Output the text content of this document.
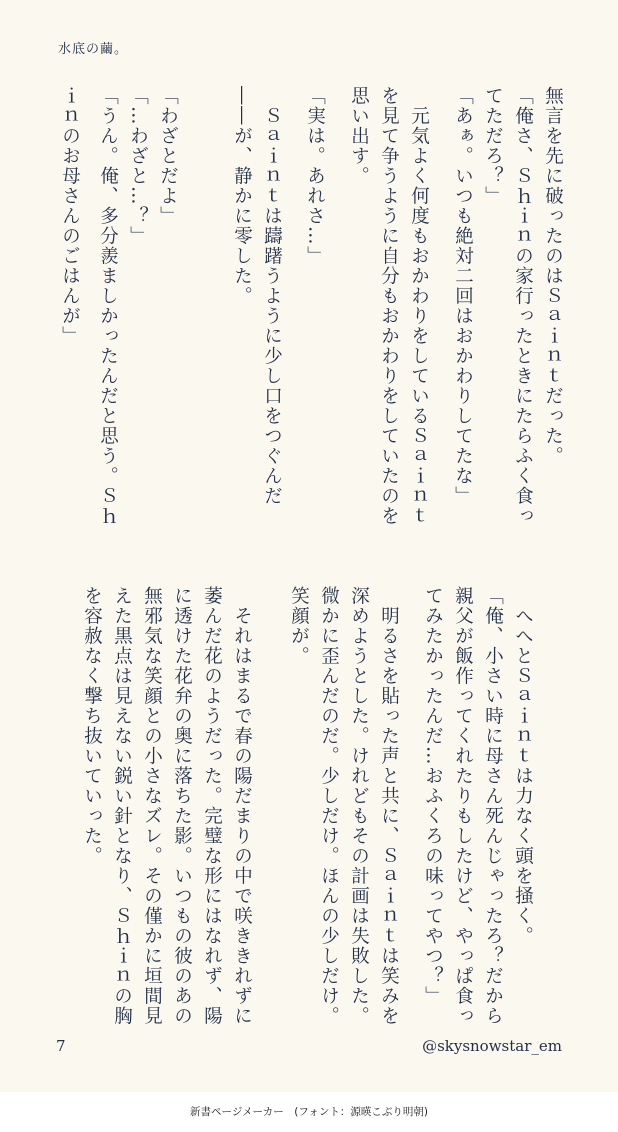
水底の繭。
無言を先に破ったのはＳａｉｎｔだった。
「俺さ、Ｓｈｉｎの家行ったときにたらふく食っ
てただろ？」
「あぁ。いつも絶対二回はおかわりしてたな」
　元気よく何度もおかわりをしているＳａｉｎｔ
を見て争うように自分もおかわりをしていたのを
思い出す。
「実は。あれさ…」
　Ｓａｉｎｔは躊躇うように少し口をつぐんだ
――が、静かに零した。
「わざとだよ」
「…わざと…？」
「うん。俺、多分羨ましかったんだと思う。Ｓｈ
ｉｎのお母さんのごはんが」
　へへとＳａｉｎｔは力なく頭を掻く。
「俺、小さい時に母さん死んじゃったろ？だから
親父が飯作ってくれたりもしたけど、やっぱ食っ
てみたかったんだ…おふくろの味ってやつ？」
　明るさを貼った声と共に、Ｓａｉｎｔは笑みを
深めようとした。けれどもその計画は失敗した。
微かに歪んだのだ。少しだけ。ほんの少しだけ。
笑顔が。
　それはまるで春の陽だまりの中で咲ききれずに
萎んだ花のようだった。完璧な形にはなれず、陽
に透けた花弁の奥に落ちた影。いつもの彼のあの
無邪気な笑顔との小さなズレ。その僅かに垣間見
えた黒点は見えない鋭い針となり、Ｓｈｉｎの胸
を容赦なく撃ち抜いていった。
7	@skysnowstar_em
新書ページメーカー　(フォント：源暎こぶり明朝)
